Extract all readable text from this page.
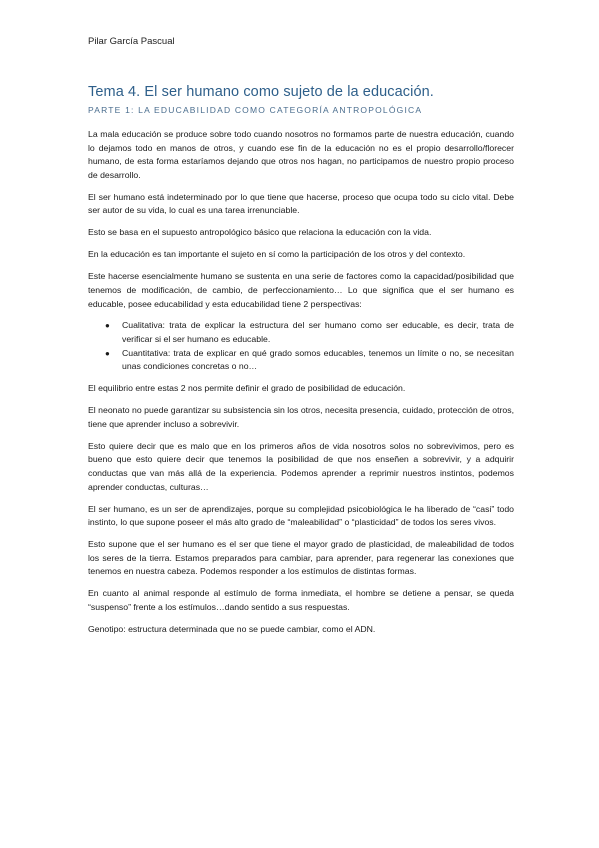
Pilar García Pascual
Tema 4. El ser humano como sujeto de la educación.
PARTE 1: LA EDUCABILIDAD COMO CATEGORÍA ANTROPOLÓGICA

La mala educación se produce sobre todo cuando nosotros no formamos parte de nuestra educación, cuando lo dejamos todo en manos de otros, y cuando ese fin de la educación no es el propio desarrollo/florecer humano, de esta forma estaríamos dejando que otros nos hagan, no participamos de nuestro propio proceso de desarrollo.

El ser humano está indeterminado por lo que tiene que hacerse, proceso que ocupa todo su ciclo vital. Debe ser autor de su vida, lo cual es una tarea irrenunciable.

Esto se basa en el supuesto antropológico básico que relaciona la educación con la vida.

En la educación es tan importante el sujeto en sí como la participación de los otros y del contexto.

Este hacerse esencialmente humano se sustenta en una serie de factores como la capacidad/posibilidad que tenemos de modificación, de cambio, de perfeccionamiento… Lo que significa que el ser humano es educable, posee educabilidad y esta educabilidad tiene 2 perspectivas:

● Cualitativa: trata de explicar la estructura del ser humano como ser educable, es decir, trata de verificar si el ser humano es educable.
● Cuantitativa: trata de explicar en qué grado somos educables, tenemos un límite o no, se necesitan unas condiciones concretas o no…

El equilibrio entre estas 2 nos permite definir el grado de posibilidad de educación.

El neonato no puede garantizar su subsistencia sin los otros, necesita presencia, cuidado, protección de otros, tiene que aprender incluso a sobrevivir.

Esto quiere decir que es malo que en los primeros años de vida nosotros solos no sobrevivimos, pero es bueno que esto quiere decir que tenemos la posibilidad de que nos enseñen a sobrevivir, y a adquirir conductas que van más allá de la experiencia. Podemos aprender a reprimir nuestros instintos, podemos aprender conductas, culturas…

El ser humano, es un ser de aprendizajes, porque su complejidad psicobiológica le ha liberado de “casi” todo instinto, lo que supone poseer el más alto grado de “maleabilidad” o “plasticidad” de todos los seres vivos.

Esto supone que el ser humano es el ser que tiene el mayor grado de plasticidad, de maleabilidad de todos los seres de la tierra. Estamos preparados para cambiar, para aprender, para regenerar las conexiones que tenemos en nuestra cabeza. Podemos responder a los estímulos de distintas formas.

En cuanto al animal responde al estímulo de forma inmediata, el hombre se detiene a pensar, se queda “suspenso” frente a los estímulos…dando sentido a sus respuestas.

Genotipo: estructura determinada que no se puede cambiar, como el ADN.
